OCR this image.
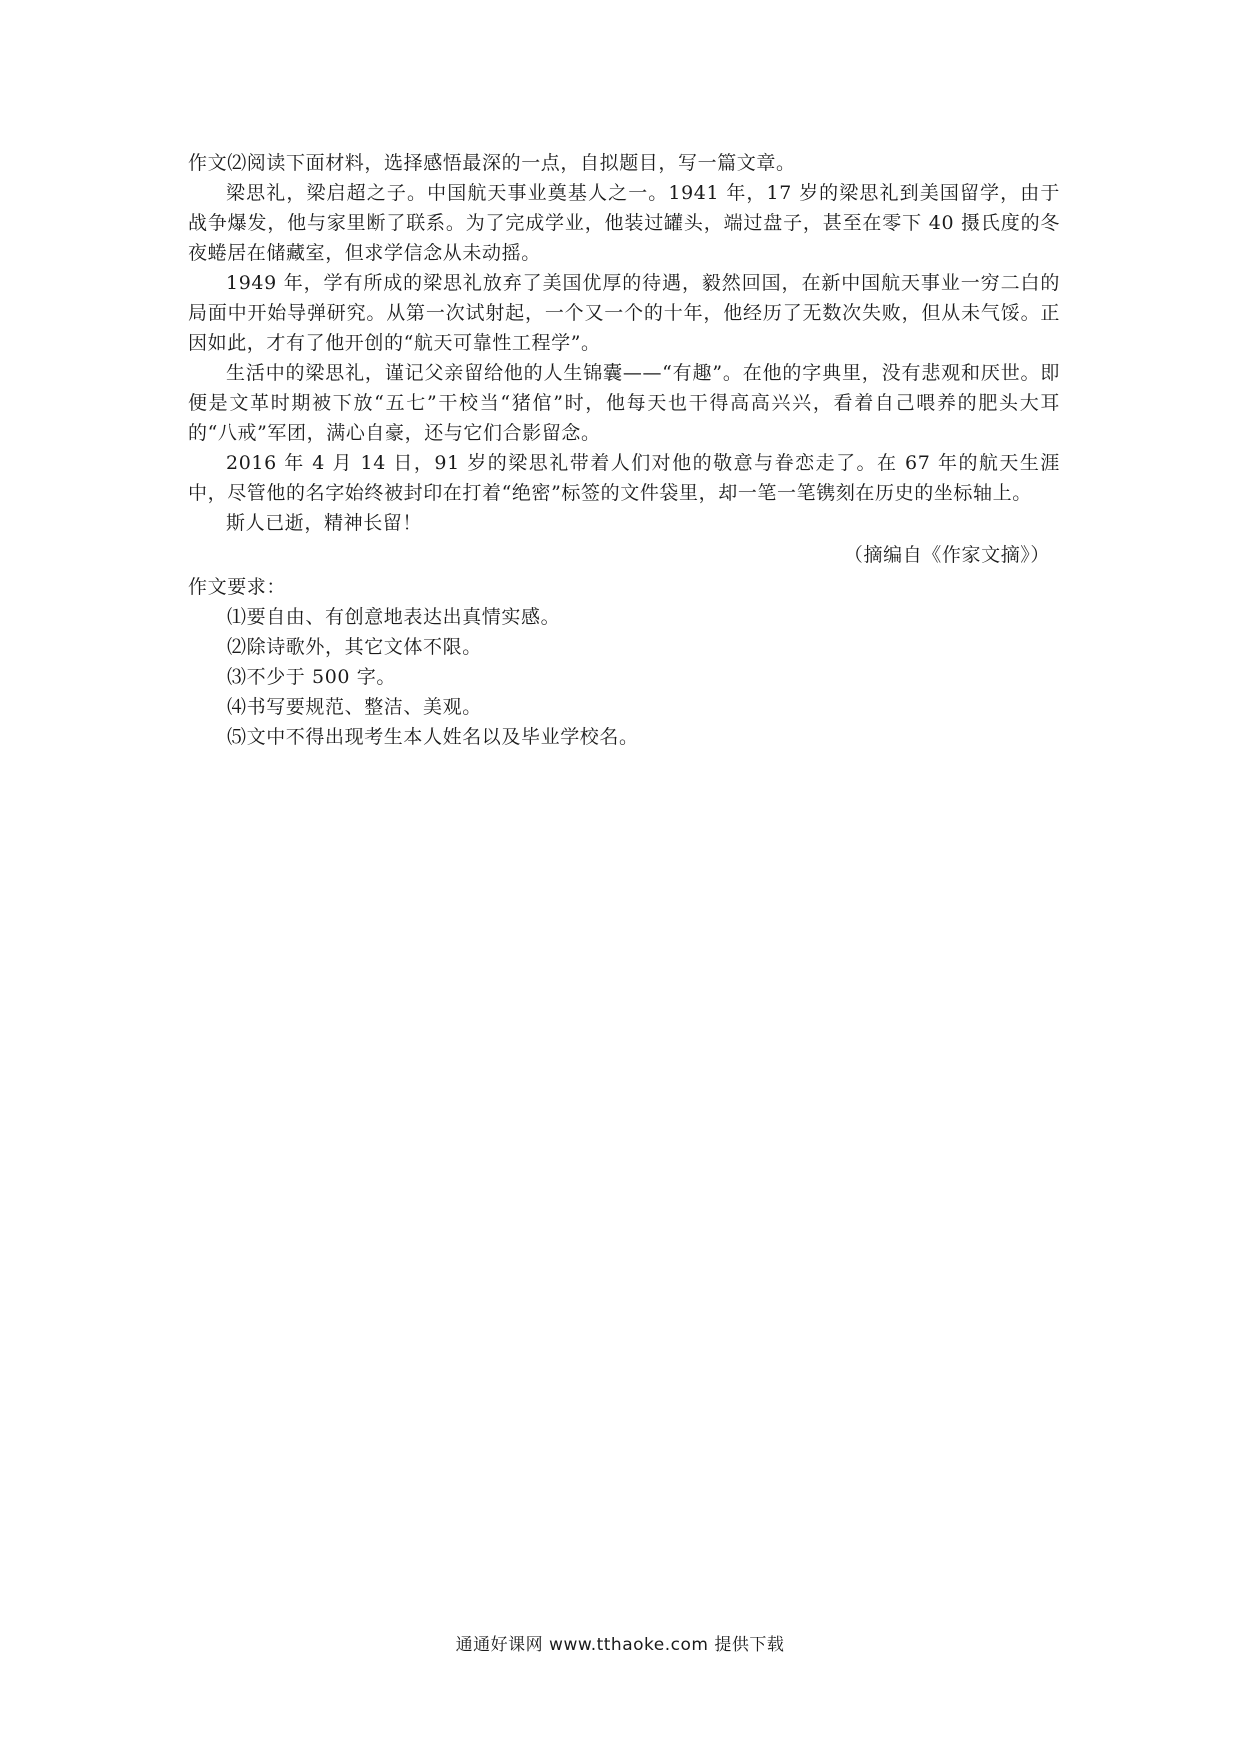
作文⑵阅读下面材料，选择感悟最深的一点，自拟题目，写一篇文章。

梁思礼，梁启超之子。中国航天事业奠基人之一。1941 年，17 岁的梁思礼到美国留学，由于战争爆发，他与家里断了联系。为了完成学业，他装过罐头，端过盘子，甚至在零下 40 摄氏度的冬夜蜷居在储藏室，但求学信念从未动摇。

1949 年，学有所成的梁思礼放弃了美国优厚的待遇，毅然回国，在新中国航天事业一穷二白的局面中开始导弹研究。从第一次试射起，一个又一个的十年，他经历了无数次失败，但从未气馁。正因如此，才有了他开创的“航天可靠性工程学”。

生活中的梁思礼，谨记父亲留给他的人生锦囊——“有趣”。在他的字典里，没有悲观和厌世。即便是文革时期被下放“五七”干校当“猪倌”时，他每天也干得高高兴兴，看着自己喂养的肥头大耳的“八戒”军团，满心自豪，还与它们合影留念。

2016 年 4 月 14 日，91 岁的梁思礼带着人们对他的敬意与眷恋走了。在 67 年的航天生涯中，尽管他的名字始终被封印在打着“绝密”标签的文件袋里，却一笔一笔镌刻在历史的坐标轴上。

斯人已逝，精神长留！

（摘编自《作家文摘》）

作文要求：

⑴要自由、有创意地表达出真情实感。
⑵除诗歌外，其它文体不限。
⑶不少于 500 字。
⑷书写要规范、整洁、美观。
⑸文中不得出现考生本人姓名以及毕业学校名。
通通好课网 www.tthaoke.com 提供下载
